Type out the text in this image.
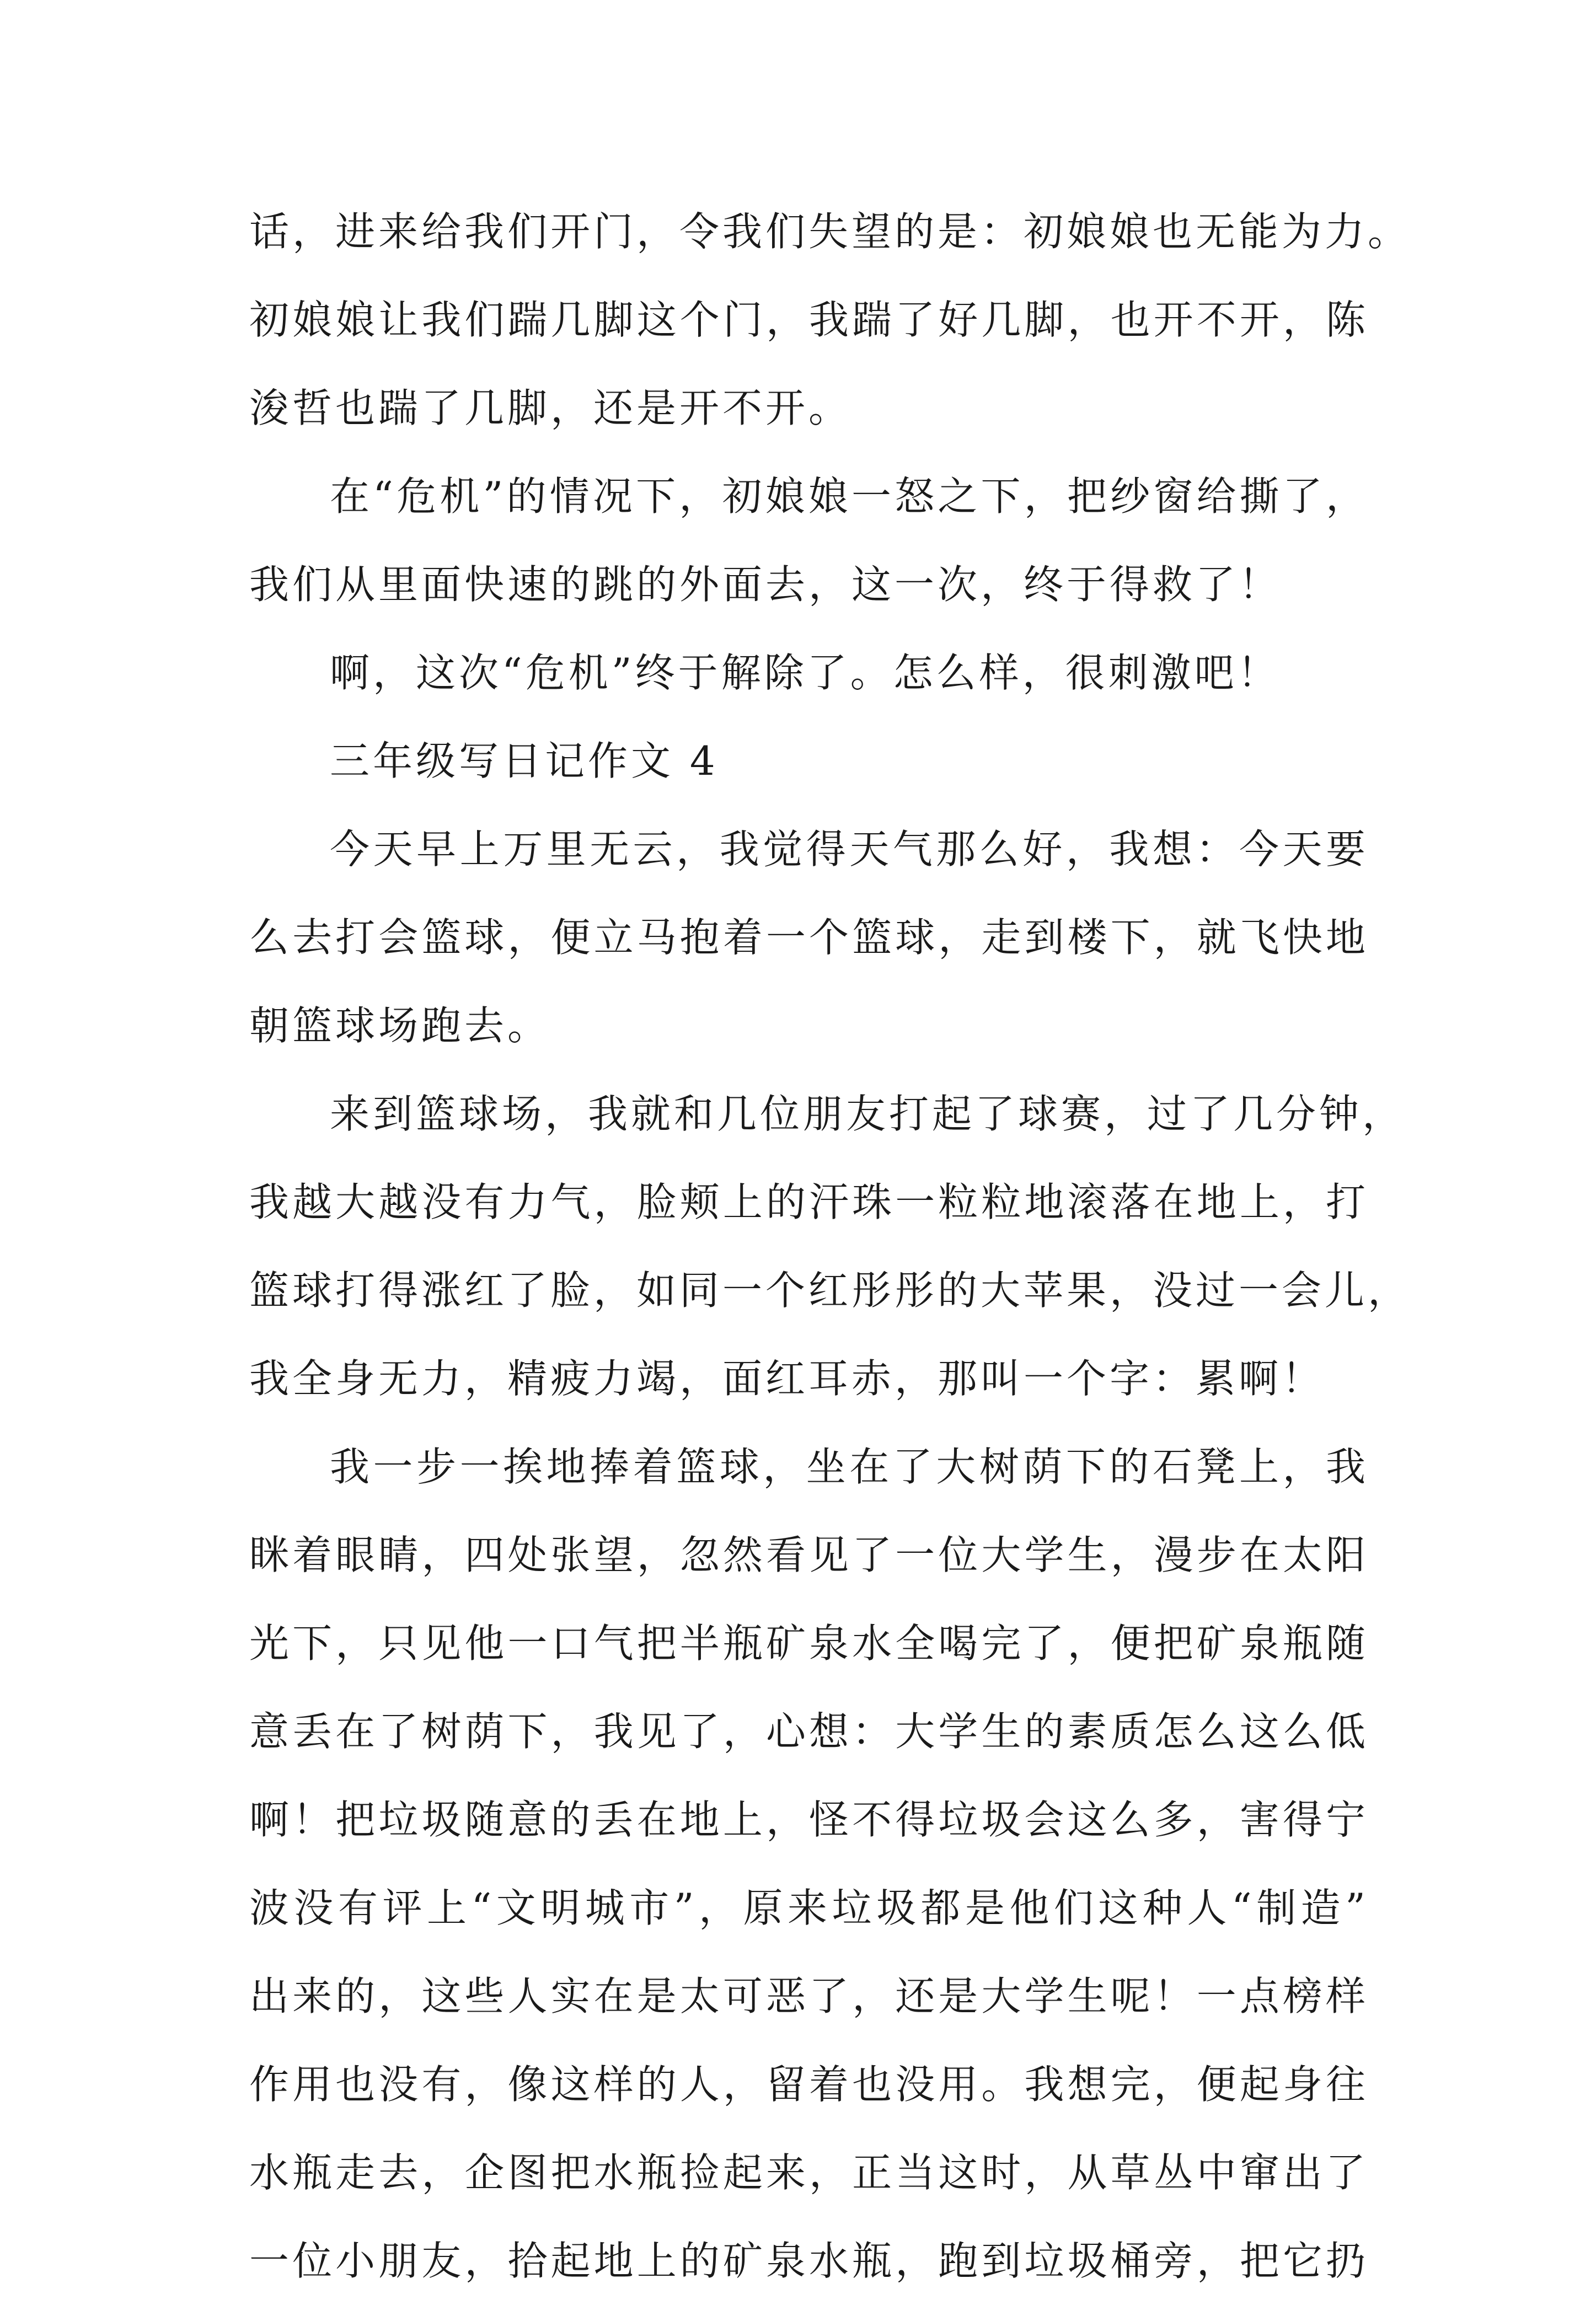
话，进来给我们开门，令我们失望的是：初娘娘也无能为力。
初娘娘让我们踹几脚这个门，我踹了好几脚，也开不开，陈
浚哲也踹了几脚，还是开不开。
在“危机”的情况下，初娘娘一怒之下，把纱窗给撕了，
我们从里面快速的跳的外面去，这一次，终于得救了！
啊，这次“危机”终于解除了。怎么样，很刺激吧！
三年级写日记作文 4
今天早上万里无云，我觉得天气那么好，我想：今天要
么去打会篮球，便立马抱着一个篮球，走到楼下，就飞快地
朝篮球场跑去。
来到篮球场，我就和几位朋友打起了球赛，过了几分钟，
我越大越没有力气，脸颊上的汗珠一粒粒地滚落在地上，打
篮球打得涨红了脸，如同一个红彤彤的大苹果，没过一会儿，
我全身无力，精疲力竭，面红耳赤，那叫一个字：累啊！
我一步一挨地捧着篮球，坐在了大树荫下的石凳上，我
眯着眼睛，四处张望，忽然看见了一位大学生，漫步在太阳
光下，只见他一口气把半瓶矿泉水全喝完了，便把矿泉瓶随
意丢在了树荫下，我见了，心想：大学生的素质怎么这么低
啊！把垃圾随意的丢在地上，怪不得垃圾会这么多，害得宁
波没有评上“文明城市”，原来垃圾都是他们这种人“制造”
出来的，这些人实在是太可恶了，还是大学生呢！一点榜样
作用也没有，像这样的人，留着也没用。我想完，便起身往
水瓶走去，企图把水瓶捡起来，正当这时，从草丛中窜出了
一位小朋友，拾起地上的矿泉水瓶，跑到垃圾桶旁，把它扔
